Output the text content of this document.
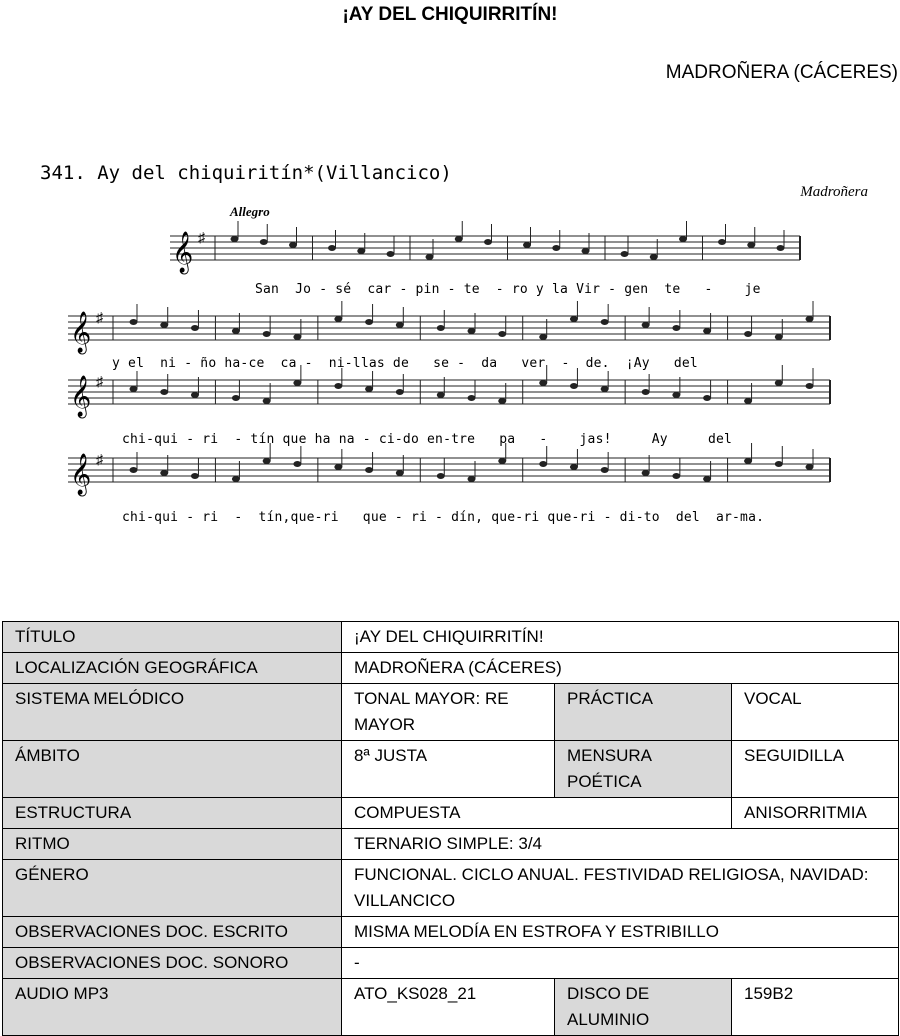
¡AY DEL CHIQUIRRITÍN!
MADROÑERA (CÁCERES)
341. Ay del chiquiritín*(Villancico)
Madroñera
Allegro
𝄞 ♯
San  Jo - sé  car - pin - te  - ro y la Vir - gen  te   -    je
𝄞 ♯
y el  ni - ño ha-ce  ca -  ni-llas de   se -  da   ver  -  de.  ¡Ay   del
𝄞 ♯
chi-qui - ri  - tín que ha na - ci-do en-tre   pa   -    jas!     Ay     del
𝄞 ♯
chi-qui - ri  -  tín,que-ri   que - ri - dín, que-ri que-ri - di-to  del  ar-ma.
TÍTULO	¡AY DEL CHIQUIRRITÍN!		
LOCALIZACIÓN GEOGRÁFICA	MADROÑERA (CÁCERES)		
SISTEMA MELÓDICO	TONAL MAYOR: RE MAYOR	PRÁCTICA	VOCAL
ÁMBITO	8ª JUSTA	MENSURA POÉTICA	SEGUIDILLA
ESTRUCTURA	COMPUESTA		ANISORRITMIA
RITMO	TERNARIO SIMPLE: 3/4		
GÉNERO	FUNCIONAL. CICLO ANUAL. FESTIVIDAD RELIGIOSA, NAVIDAD: VILLANCICO		
OBSERVACIONES DOC. ESCRITO	MISMA MELODÍA EN ESTROFA Y ESTRIBILLO		
OBSERVACIONES DOC. SONORO	-		
AUDIO MP3	ATO_KS028_21	DISCO DE ALUMINIO	159B2
